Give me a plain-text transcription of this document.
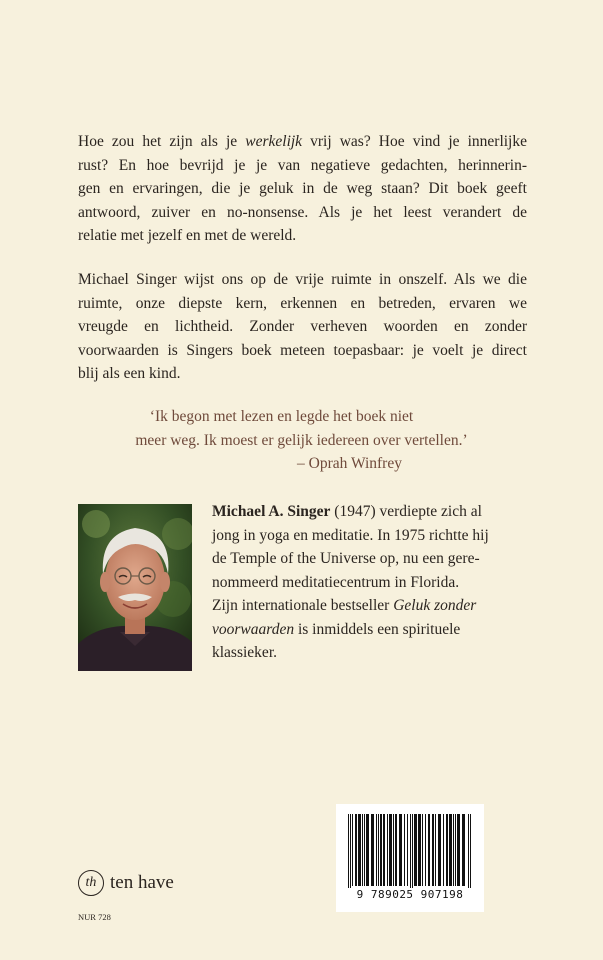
Hoe zou het zijn als je werkelijk vrij was? Hoe vind je innerlijke
rust? En hoe bevrijd je je van negatieve gedachten, herinnerin-
gen en ervaringen, die je geluk in de weg staan? Dit boek geeft
antwoord, zuiver en no-nonsense. Als je het leest verandert de
relatie met jezelf en met de wereld.
Michael Singer wijst ons op de vrije ruimte in onszelf. Als we die
ruimte, onze diepste kern, erkennen en betreden, ervaren we
vreugde en lichtheid. Zonder verheven woorden en zonder
voorwaarden is Singers boek meteen toepasbaar: je voelt je direct
blij als een kind.
‘Ik begon met lezen en legde het boek niet
meer weg. Ik moest er gelijk iedereen over vertellen.’
– Oprah Winfrey
Michael A. Singer (1947) verdiepte zich al
jong in yoga en meditatie. In 1975 richtte hij
de Temple of the Universe op, nu een gere-
nommeerd meditatiecentrum in Florida.
Zijn internationale bestseller Geluk zonder
voorwaarden is inmiddels een spirituele
klassieker.
9 789025 907198
th ten have
NUR 728
